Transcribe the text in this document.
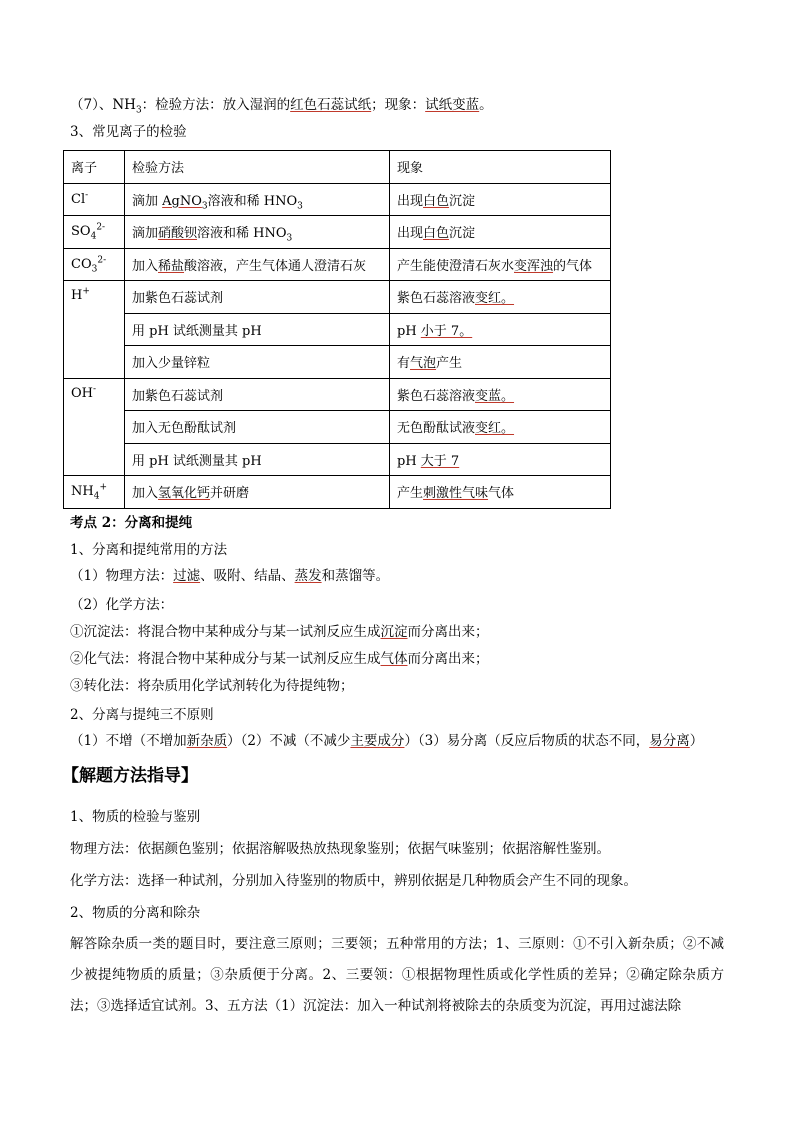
（7）、$NH_3$：检验方法：放入湿润的红色石蕊试纸；现象：试纸变蓝。
3、常见离子的检验
离子	检验方法	现象
Cl-	滴加 AgNO$_3$溶液和稀 $HNO_3$	出现白色沉淀
$SO_4^{2-}$	滴加硝酸钡溶液和稀 $HNO_3$	出现白色沉淀
$CO_3^{2-}$	加入稀盐酸溶液，产生气体通人澄清石灰	产生能使澄清石灰水变浑浊的气体
H+	加紫色石蕊试剂	紫色石蕊溶液变红。
	用 pH 试纸测量其 pH	pH 小于 7。
	加入少量锌粒	有气泡产生
OH-	加紫色石蕊试剂	紫色石蕊溶液变蓝。
	加入无色酚酞试剂	无色酚酞试液变红。
	用 pH 试纸测量其 pH	pH 大于 7
$NH_4^+$	加入氢氧化钙并研磨	产生刺激性气味气体
考点 2：分离和提纯
1、分离和提纯常用的方法
（1）物理方法：过滤、吸附、结晶、蒸发和蒸馏等。
（2）化学方法：
①沉淀法：将混合物中某种成分与某一试剂反应生成沉淀而分离出来；
②化气法：将混合物中某种成分与某一试剂反应生成气体而分离出来；
③转化法：将杂质用化学试剂转化为待提纯物；
2、分离与提纯三不原则
（1）不增（不增加新杂质）（2）不减（不减少主要成分）（3）易分离（反应后物质的状态不同，易分离）
【解题方法指导】
1、物质的检验与鉴别
物理方法：依据颜色鉴别；依据溶解吸热放热现象鉴别；依据气味鉴别；依据溶解性鉴别。
化学方法：选择一种试剂，分别加入待鉴别的物质中，辨别依据是几种物质会产生不同的现象。
2、物质的分离和除杂
解答除杂质一类的题目时，要注意三原则；三要领；五种常用的方法；1、三原则：①不引入新杂质；②不减少被提纯物质的质量；③杂质便于分离。2、三要领：①根据物理性质或化学性质的差异；②确定除杂质方法；③选择适宜试剂。3、五方法（1）沉淀法：加入一种试剂将被除去的杂质变为沉淀，再用过滤法除
